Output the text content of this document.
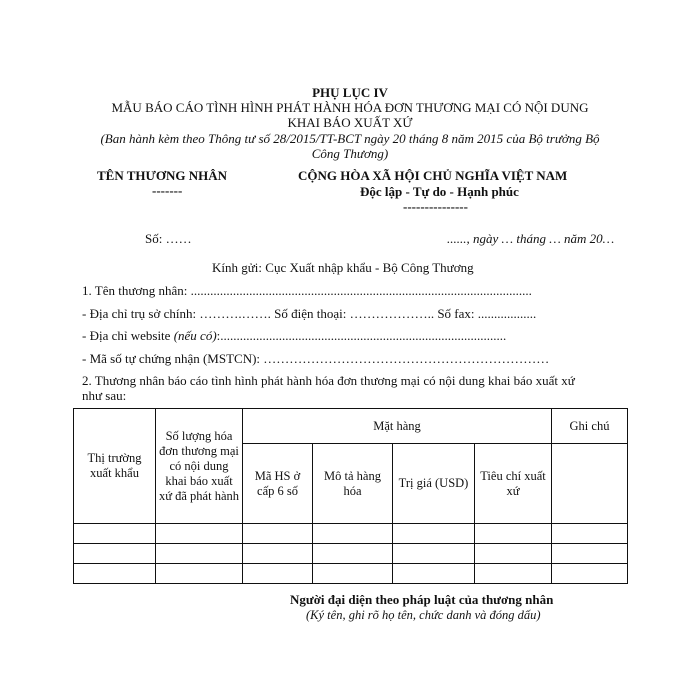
PHỤ LỤC IV
MẪU BÁO CÁO TÌNH HÌNH PHÁT HÀNH HÓA ĐƠN THƯƠNG MẠI CÓ NỘI DUNG
KHAI BÁO XUẤT XỨ
(Ban hành kèm theo Thông tư số 28/2015/TT-BCT ngày 20 tháng 8 năm 2015 của Bộ trưởng Bộ
Công Thương)
TÊN THƯƠNG NHÂN
-------
CỘNG HÒA XÃ HỘI CHỦ NGHĨA VIỆT NAM
Độc lập - Tự do - Hạnh phúc
---------------
Số: ……	......, ngày … tháng … năm 20…
Kính gửi: Cục Xuất nhập khẩu - Bộ Công Thương
1. Tên thương nhân: .........................................................................................................
- Địa chỉ trụ sở chính: ……….……. Số điện thoại: ……………….. Số fax: ..................
- Địa chỉ website (nếu có):........................................................................................
- Mã số tự chứng nhận (MSTCN): …………………………………………………………
2. Thương nhân báo cáo tình hình phát hành hóa đơn thương mại có nội dung khai báo xuất xứ
như sau:
Thị trường xuất khẩu	Số lượng hóa đơn thương mại có nội dung khai báo xuất xứ đã phát hành	Mặt hàng				Ghi chú
		Mã HS ở cấp 6 số	Mô tả hàng hóa	Trị giá (USD)	Tiêu chí xuất xứ	

Người đại diện theo pháp luật của thương nhân
(Ký tên, ghi rõ họ tên, chức danh và đóng dấu)
